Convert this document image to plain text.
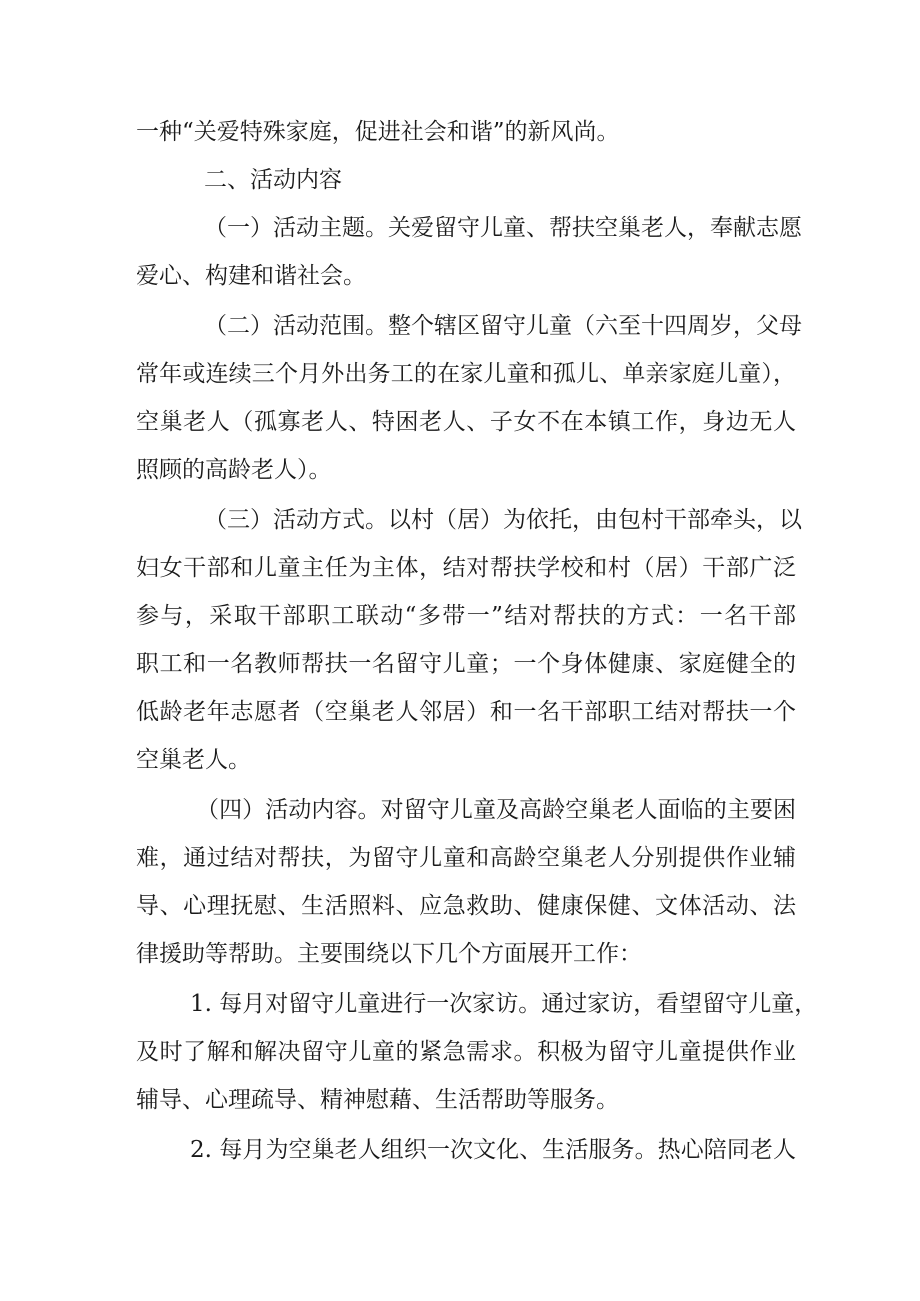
一种“关爱特殊家庭，促进社会和谐”的新风尚。

二、活动内容

（一）活动主题。关爱留守儿童、帮扶空巢老人，奉献志愿

爱心、构建和谐社会。

（二）活动范围。整个辖区留守儿童（六至十四周岁，父母

常年或连续三个月外出务工的在家儿童和孤儿、单亲家庭儿童），

空巢老人（孤寡老人、特困老人、子女不在本镇工作，身边无人

照顾的高龄老人）。

（三）活动方式。以村（居）为依托，由包村干部牵头，以

妇女干部和儿童主任为主体，结对帮扶学校和村（居）干部广泛

参与，采取干部职工联动“多带一”结对帮扶的方式：一名干部

职工和一名教师帮扶一名留守儿童；一个身体健康、家庭健全的

低龄老年志愿者（空巢老人邻居）和一名干部职工结对帮扶一个

空巢老人。

（四）活动内容。对留守儿童及高龄空巢老人面临的主要困

难，通过结对帮扶，为留守儿童和高龄空巢老人分别提供作业辅

导、心理抚慰、生活照料、应急救助、健康保健、文体活动、法

律援助等帮助。主要围绕以下几个方面展开工作：

1. 每月对留守儿童进行一次家访。通过家访，看望留守儿童，

及时了解和解决留守儿童的紧急需求。积极为留守儿童提供作业

辅导、心理疏导、精神慰藉、生活帮助等服务。

2. 每月为空巢老人组织一次文化、生活服务。热心陪同老人
